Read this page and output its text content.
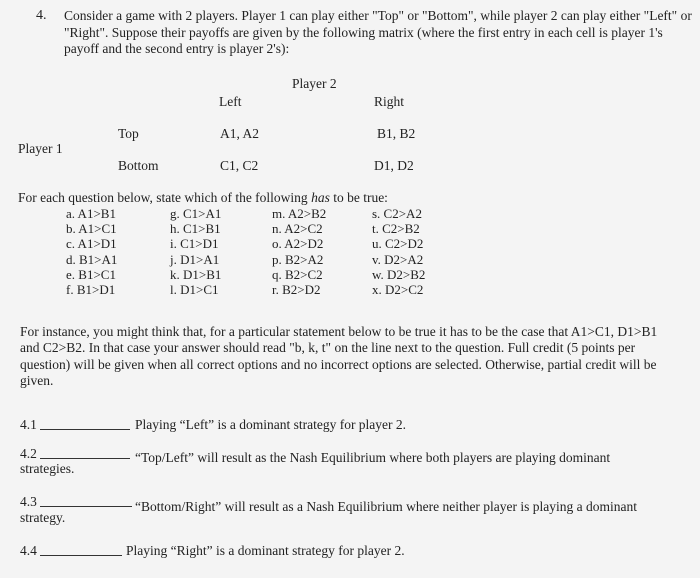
4. Consider a game with 2 players. Player 1 can play either "Top" or "Bottom", while player 2 can play either "Left" or "Right". Suppose their payoffs are given by the following matrix (where the first entry in each cell is player 1's payoff and the second entry is player 2's):
Player 2
Left	Right
Top	A1, A2	B1, B2
Player 1
Bottom	C1, C2	D1, D2
For each question below, state which of the following has to be true:
a. A1>B1
b. A1>C1
c. A1>D1
d. B1>A1
e. B1>C1
f. B1>D1
g. C1>A1
h. C1>B1
i. C1>D1
j. D1>A1
k. D1>B1
l. D1>C1
m. A2>B2
n. A2>C2
o. A2>D2
p. B2>A2
q. B2>C2
r. B2>D2
s. C2>A2
t. C2>B2
u. C2>D2
v. D2>A2
w. D2>B2
x. D2>C2
For instance, you might think that, for a particular statement below to be true it has to be the case that A1>C1, D1>B1 and C2>B2. In that case your answer should read "b, k, t" on the line next to the question. Full credit (5 points per question) will be given when all correct options and no incorrect options are selected. Otherwise, partial credit will be given.
4.1	Playing “Left” is a dominant strategy for player 2.
4.2	“Top/Left” will result as the Nash Equilibrium where both players are playing dominant
strategies.
4.3	“Bottom/Right” will result as a Nash Equilibrium where neither player is playing a dominant
strategy.
4.4	Playing “Right” is a dominant strategy for player 2.
